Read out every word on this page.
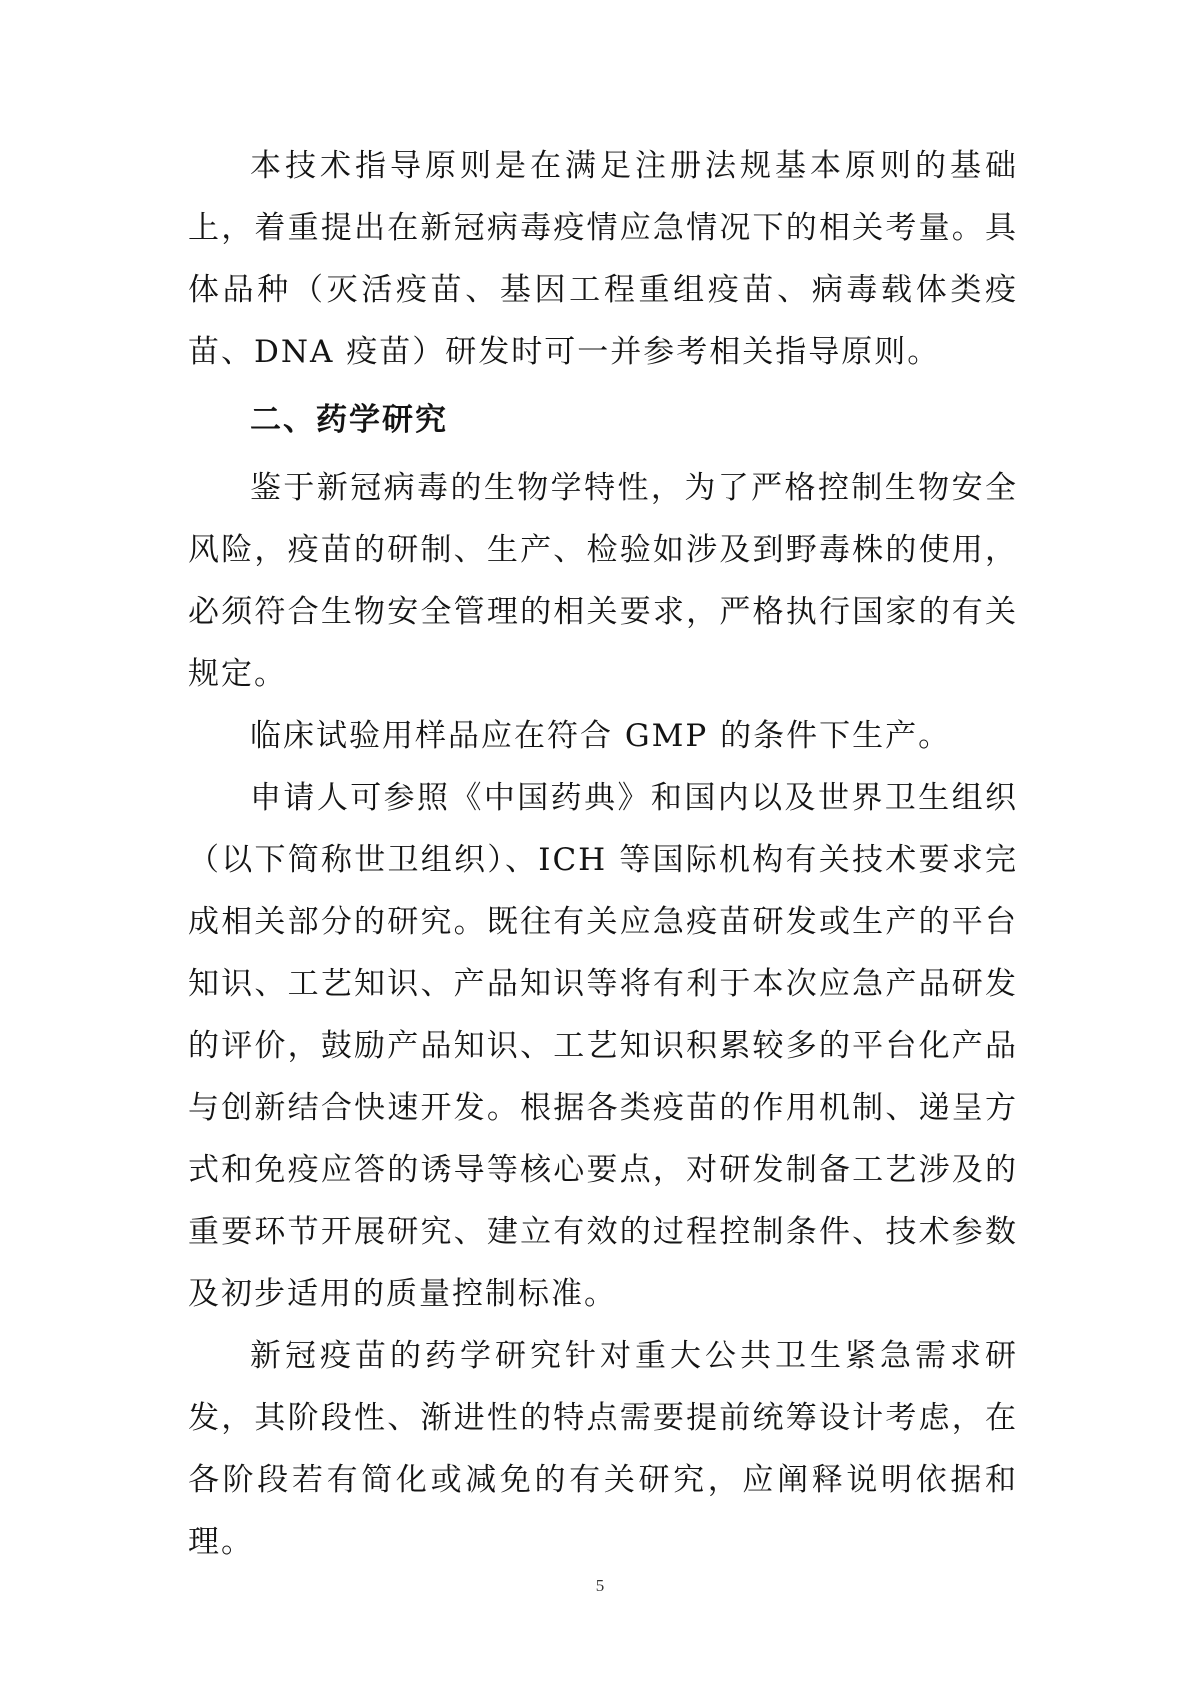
本技术指导原则是在满足注册法规基本原则的基础上，着重提出在新冠病毒疫情应急情况下的相关考量。具体品种（灭活疫苗、基因工程重组疫苗、病毒载体类疫苗、DNA 疫苗）研发时可一并参考相关指导原则。

二、药学研究

鉴于新冠病毒的生物学特性，为了严格控制生物安全风险，疫苗的研制、生产、检验如涉及到野毒株的使用，必须符合生物安全管理的相关要求，严格执行国家的有关规定。

临床试验用样品应在符合 GMP 的条件下生产。

申请人可参照《中国药典》和国内以及世界卫生组织（以下简称世卫组织）、ICH 等国际机构有关技术要求完成相关部分的研究。既往有关应急疫苗研发或生产的平台知识、工艺知识、产品知识等将有利于本次应急产品研发的评价，鼓励产品知识、工艺知识积累较多的平台化产品与创新结合快速开发。根据各类疫苗的作用机制、递呈方式和免疫应答的诱导等核心要点，对研发制备工艺涉及的重要环节开展研究、建立有效的过程控制条件、技术参数及初步适用的质量控制标准。

新冠疫苗的药学研究针对重大公共卫生紧急需求研发，其阶段性、渐进性的特点需要提前统筹设计考虑，在各阶段若有简化或减免的有关研究，应阐释说明依据和理。

5
